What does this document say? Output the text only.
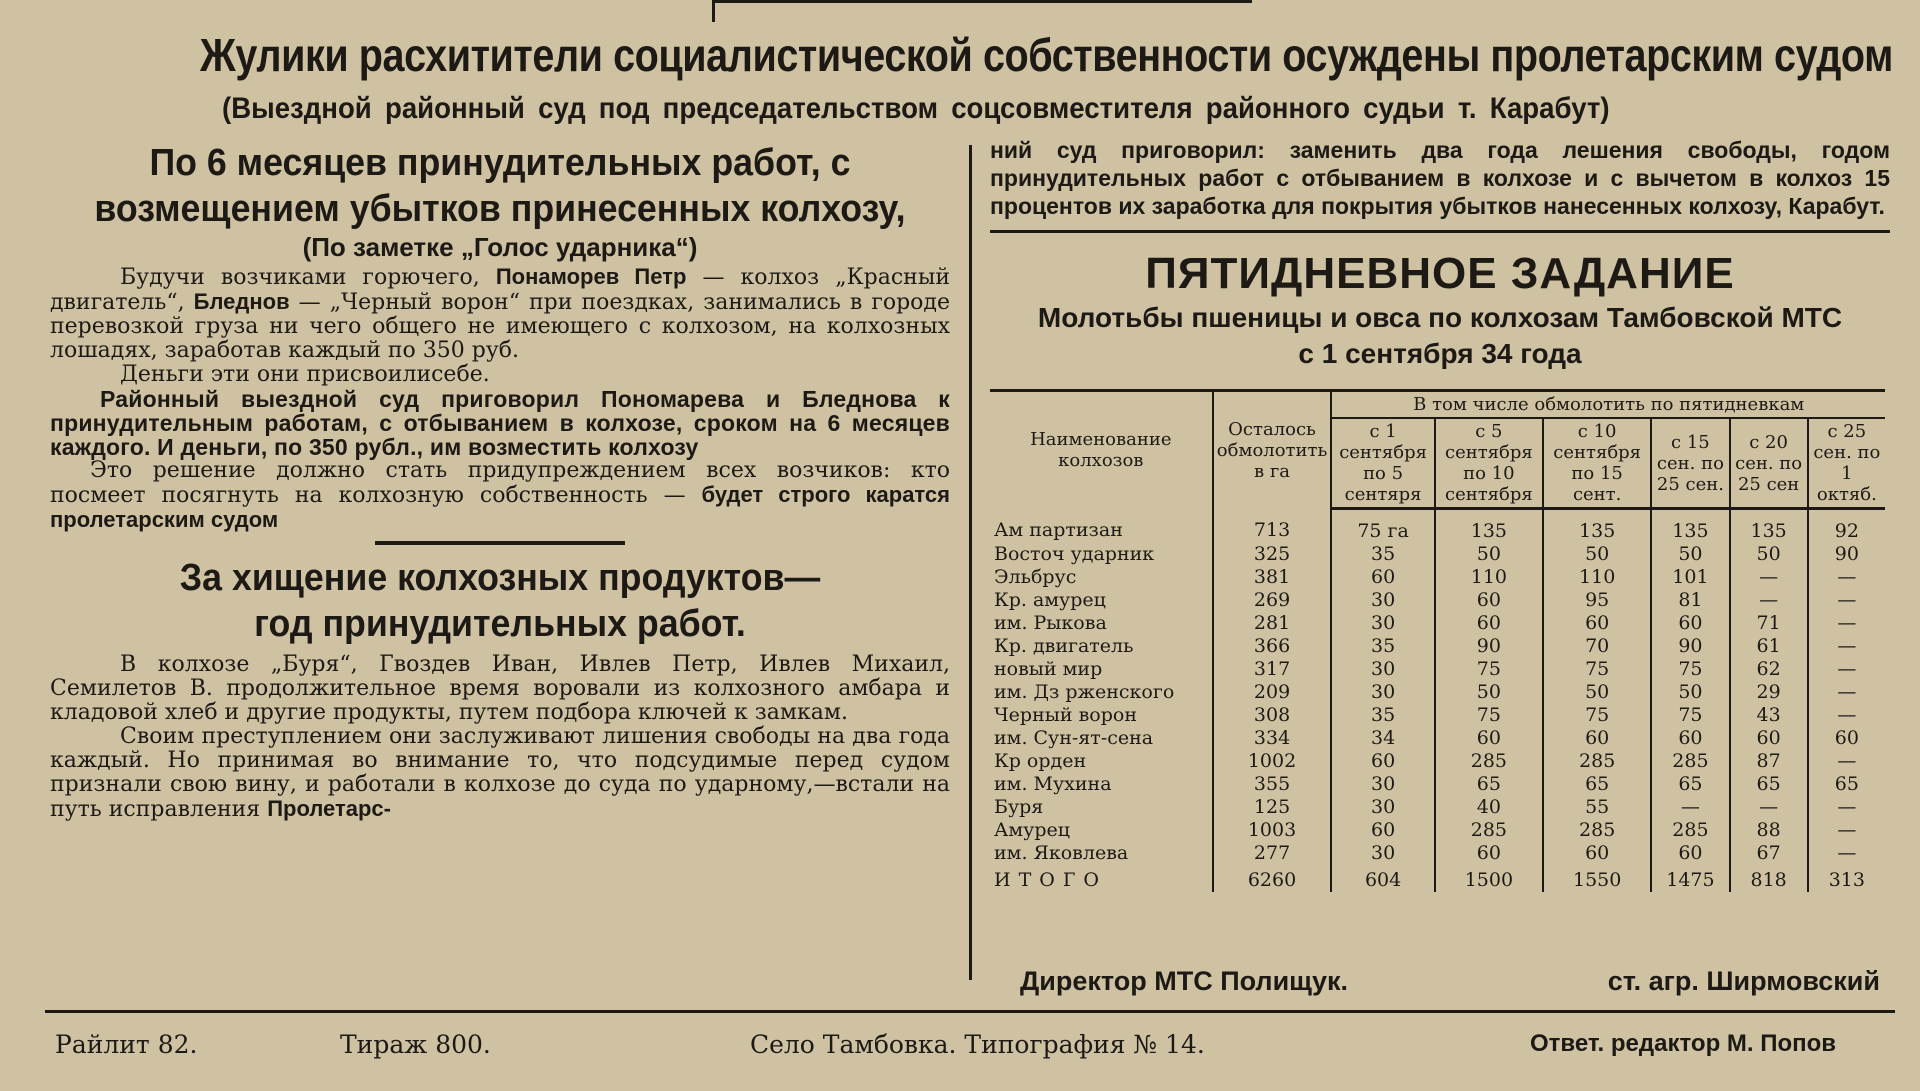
Жулики расхитители социалистической собственности осуждены пролетарским судом
(Выездной районный суд под председательством соцсовместителя районного судьи т. Карабут)

По 6 месяцев принудительных работ, с возмещением убытков принесенных колхозу,

(По заметке „Голос ударника“)

Будучи возчиками горючего, Понаморев Петр — колхоз „Красный двигатель“, Бледнов — „Черный ворон“ при поездках, занимались в городе перевозкой груза ни чего общего не имеющего с колхозом, на колхозных лошадях, заработав каждый по 350 руб.

Деньги эти они присвоилисебе.

Районный выездной суд приговорил Пономарева и Бледнова к принудительным работам, с отбыванием в колхозе, сроком на 6 месяцев каждого. И деньги, по 350 рубл., им возместить колхозу

Это решение должно стать придупреждением всех возчиков: кто посмеет посягнуть на колхозную собственность — будет строго каратся пролетарским судом

За хищение колхозных продуктов—год принудительных работ.

В колхозе „Буря“, Гвоздев Иван, Ивлев Петр, Ивлев Михаил, Семилетов В. продолжительное время воровали из колхозного амбара и кладовой хлеб и другие продукты, путем подбора ключей к замкам.

Своим преступлением они заслуживают лишения свободы на два года каждый. Но принимая во внимание то, что подсудимые перед судом признали свою вину, и работали в колхозе до суда по ударному,—встали на путь исправления Пролетарс-

ний суд приговорил: заменить два года лешения свободы, годом принудительных работ с отбыванием в колхозе и с вычетом в колхоз 15 процентов их заработка для покрытия убытков нанесенных колхозу, Карабут.

ПЯТИДНЕВНОЕ ЗАДАНИЕ

Молотьбы пшеницы и овса по колхозам Тамбовской МТС

с 1 сентября 34 года

Наименование колхозов	Осталось обмолотить в га	В том числе обмолотить по пятидневкам					
		с 1 сентября по 5 сентяря	с 5 сентября по 10 сентября	с 10 сентября по 15 сент.	с 15 сен. по 25 сен.	с 20 сен. по 25 сен	с 25 сен. по 1 октяб.
Ам партизан	713	75 га	135	135	135	135	92
Восточ ударник	325	35	50	50	50	50	90
Эльбрус	381	60	110	110	101	—	—
Кр. амурец	269	30	60	95	81	—	—
им. Рыкова	281	30	60	60	60	71	—
Кр. двигатель	366	35	90	70	90	61	—
новый мир	317	30	75	75	75	62	—
им. Дз рженского	209	30	50	50	50	29	—
Черный ворон	308	35	75	75	75	43	—
им. Сун-ят-сена	334	34	60	60	60	60	60
Кр орден	1002	60	285	285	285	87	—
им. Мухина	355	30	65	65	65	65	65
Буря	125	30	40	55	—	—	—
Амурец	1003	60	285	285	285	88	—
им. Яковлева	277	30	60	60	60	67	—
ИТОГО	6260	604	1500	1550	1475	818	313
Директор МТС Полищук.	ст. агр. Ширмовский
Райлит 82.	Тираж 800.	Село Тамбовка. Типография № 14.	Ответ. редактор М. Попов
